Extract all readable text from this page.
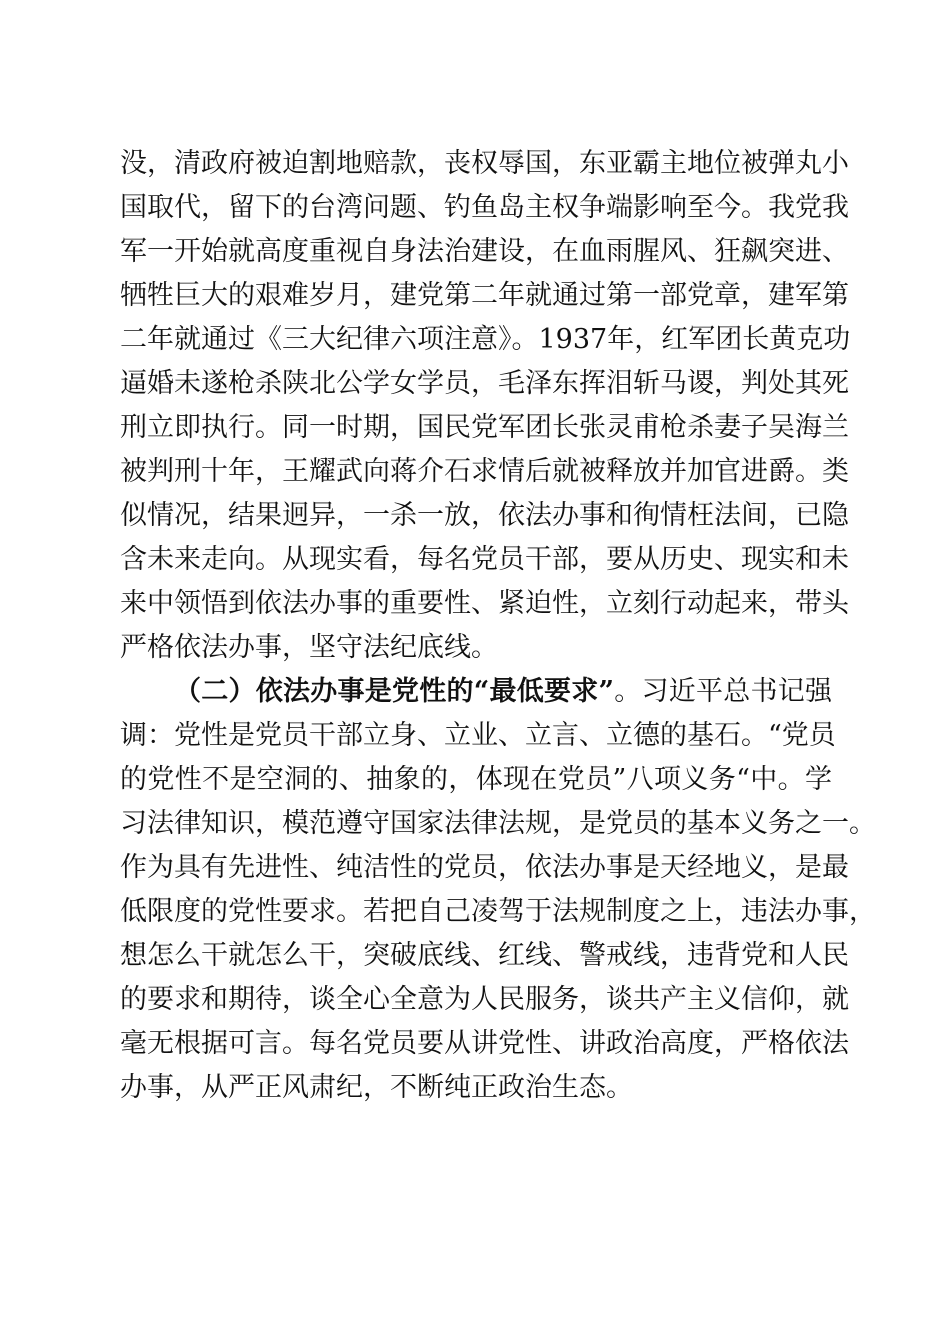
没，清政府被迫割地赔款，丧权辱国，东亚霸主地位被弹丸小
国取代，留下的台湾问题、钓鱼岛主权争端影响至今。我党我
军一开始就高度重视自身法治建设，在血雨腥风、狂飙突进、
牺牲巨大的艰难岁月，建党第二年就通过第一部党章，建军第
二年就通过《三大纪律六项注意》。1937年，红军团长黄克功
逼婚未遂枪杀陕北公学女学员，毛泽东挥泪斩马谡，判处其死
刑立即执行。同一时期，国民党军团长张灵甫枪杀妻子吴海兰
被判刑十年，王耀武向蒋介石求情后就被释放并加官进爵。类
似情况，结果迥异，一杀一放，依法办事和徇情枉法间，已隐
含未来走向。从现实看，每名党员干部，要从历史、现实和未
来中领悟到依法办事的重要性、紧迫性，立刻行动起来，带头
严格依法办事，坚守法纪底线。
（二）依法办事是党性的“最低要求”。习近平总书记强
调：党性是党员干部立身、立业、立言、立德的基石。“党员
的党性不是空洞的、抽象的，体现在党员”八项义务“中。学
习法律知识，模范遵守国家法律法规，是党员的基本义务之一。
作为具有先进性、纯洁性的党员，依法办事是天经地义，是最
低限度的党性要求。若把自己凌驾于法规制度之上，违法办事，
想怎么干就怎么干，突破底线、红线、警戒线，违背党和人民
的要求和期待，谈全心全意为人民服务，谈共产主义信仰，就
毫无根据可言。每名党员要从讲党性、讲政治高度，严格依法
办事，从严正风肃纪，不断纯正政治生态。
